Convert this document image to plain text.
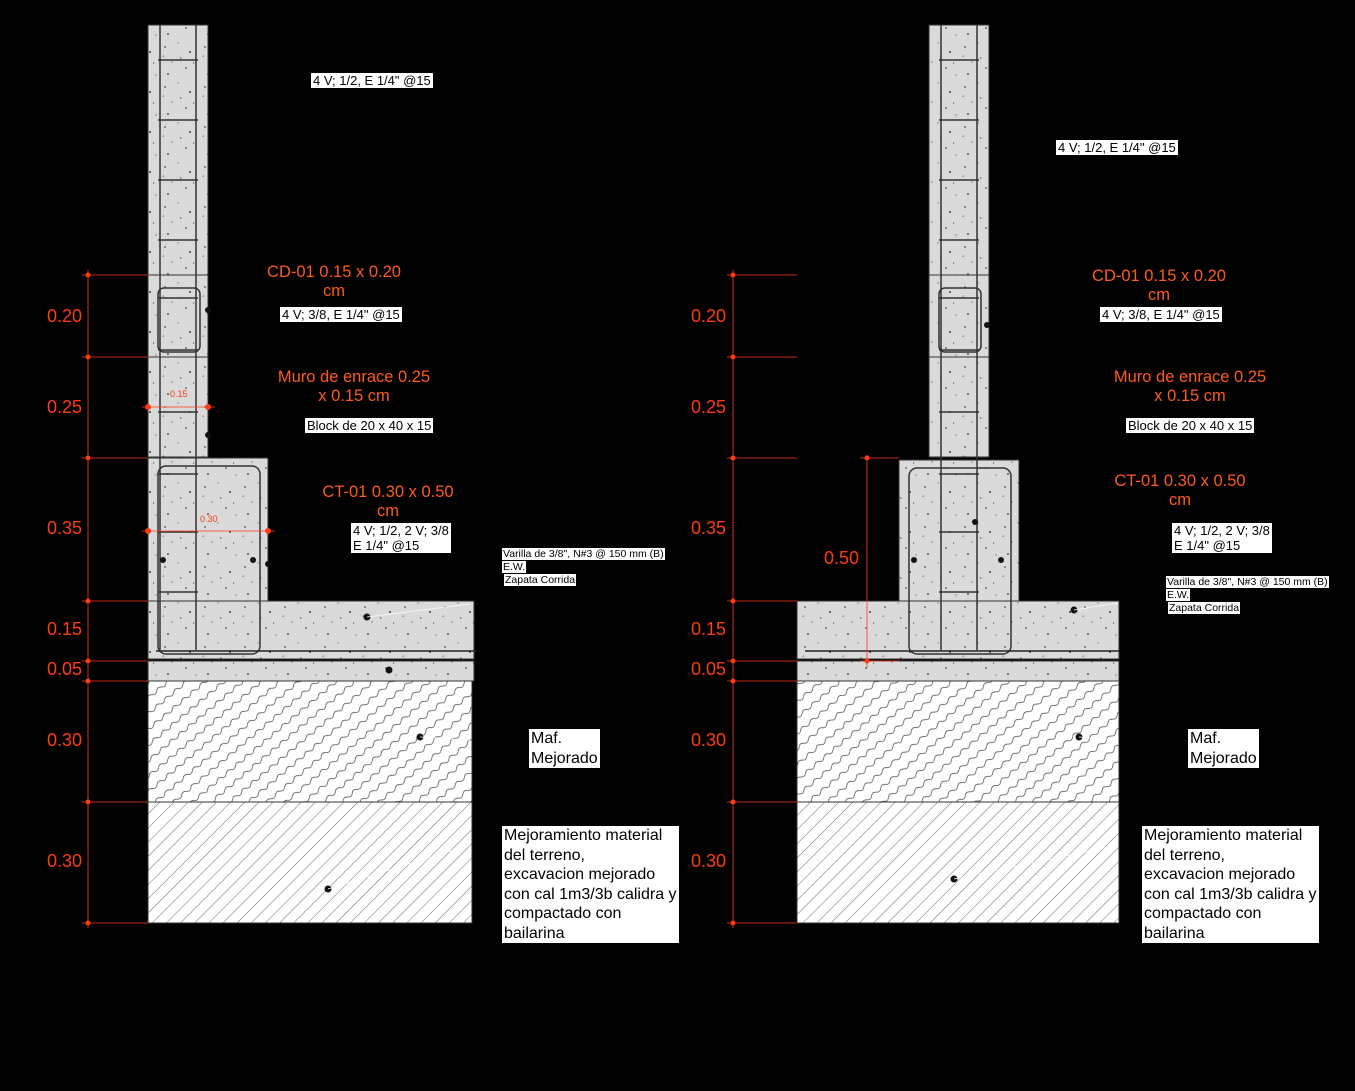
4 V; 1/2, E 1/4" @15
CD-01 0.15 x 0.20
cm
4 V; 3/8, E 1/4" @15
Muro de enrace 0.25
x 0.15 cm
Block de 20 x 40 x 15
CT-01 0.30 x 0.50
cm
4 V; 1/2, 2 V; 3/8
E 1/4" @15
Varilla de 3/8", N#3 @ 150 mm (B)
E.W.
Zapata Corrida
Maf.
Mejorado
Mejoramiento material
del terreno,
excavacion mejorado
con cal 1m3/3b calidra y
compactado con
bailarina
0.15
0.30
0.20
0.25
0.35
0.15
0.05
0.30
0.30
4 V; 1/2, E 1/4" @15
CD-01 0.15 x 0.20
cm
4 V; 3/8, E 1/4" @15
Muro de enrace 0.25
x 0.15 cm
Block de 20 x 40 x 15
CT-01 0.30 x 0.50
cm
4 V; 1/2, 2 V; 3/8
E 1/4" @15
Varilla de 3/8", N#3 @ 150 mm (B)
E.W.
Zapata Corrida
Maf.
Mejorado
Mejoramiento material
del terreno,
excavacion mejorado
con cal 1m3/3b calidra y
compactado con
bailarina
0.50
0.20
0.25
0.35
0.15
0.05
0.30
0.30
